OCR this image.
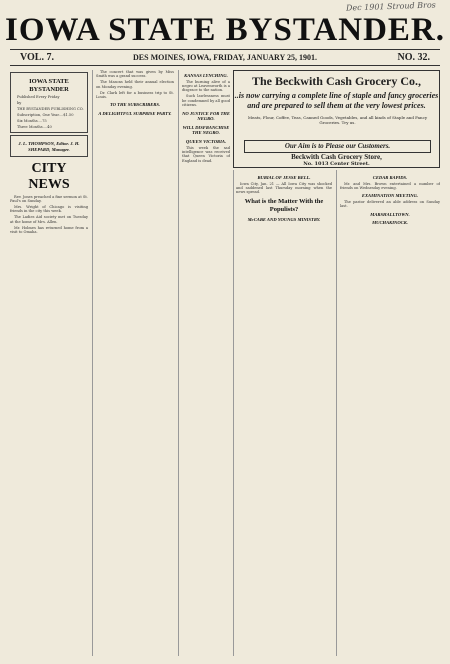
Dec 1901 Stroud Bros
IOWA STATE BYSTANDER.
VOL. 7.	DES MOINES, IOWA, FRIDAY, JANUARY 25, 1901.	NO. 32.
IOWA STATE BYSTANDER

Published Every Friday

by

THE BYSTANDER PUBLISHING CO.

Subscription, One Year....$1.50

Six Months....75

Three Months....40

J. L. THOMPSON, Editor. J. H. SHEPARD, Manager.
CITY NEWS

Rev. Jones preached a fine sermon at St. Paul's on Sunday.

Mrs. Wright of Chicago is visiting friends in the city this week.

The Ladies Aid society met on Tuesday at the home of Mrs. Allen.

Mr. Holmes has returned home from a visit to Omaha.

The concert that was given by Miss Smith was a grand success.

The Masons held their annual election on Monday evening.

Dr. Clark left for a business trip to St. Louis.

TO THE SUBSCRIBERS.
A DELIGHTFUL SURPRISE PARTY.
KANSAS LYNCHING.

The burning alive of a negro at Leavenworth is a disgrace to the nation.

Such lawlessness must be condemned by all good citizens.

NO JUSTICE FOR THE NEGRO.
WILL DISFRANCHISE THE NEGRO.
QUEEN VICTORIA.

This week the sad intelligence was received that Queen Victoria of England is dead.

The Beckwith Cash Grocery Co.,
..is now carrying a complete line of staple and fancy groceries and are prepared to sell them at the very lowest prices.
Meats, Flour, Coffee, Teas, Canned Goods, Vegetables, and all kinds of Staple and Fancy Groceries. Try us.
Our Aim is to Please our Customers.
Beckwith Cash Grocery Store,
No. 1013 Center Street.
BURIAL OF JESSE BELL.

Iowa City, Jan. 21 — All Iowa City was shocked and saddened last Thursday morning when the news spread.

What is the Matter With the Populists?
McCABE AND YOUNGS MINISTRY.
CEDAR RAPIDS.

Mr. and Mrs. Brown entertained a number of friends on Wednesday evening.

EXAMINATION MEETING.

The pastor delivered an able address on Sunday last.

MARSHALLTOWN.
MUCHAKINOCK.
